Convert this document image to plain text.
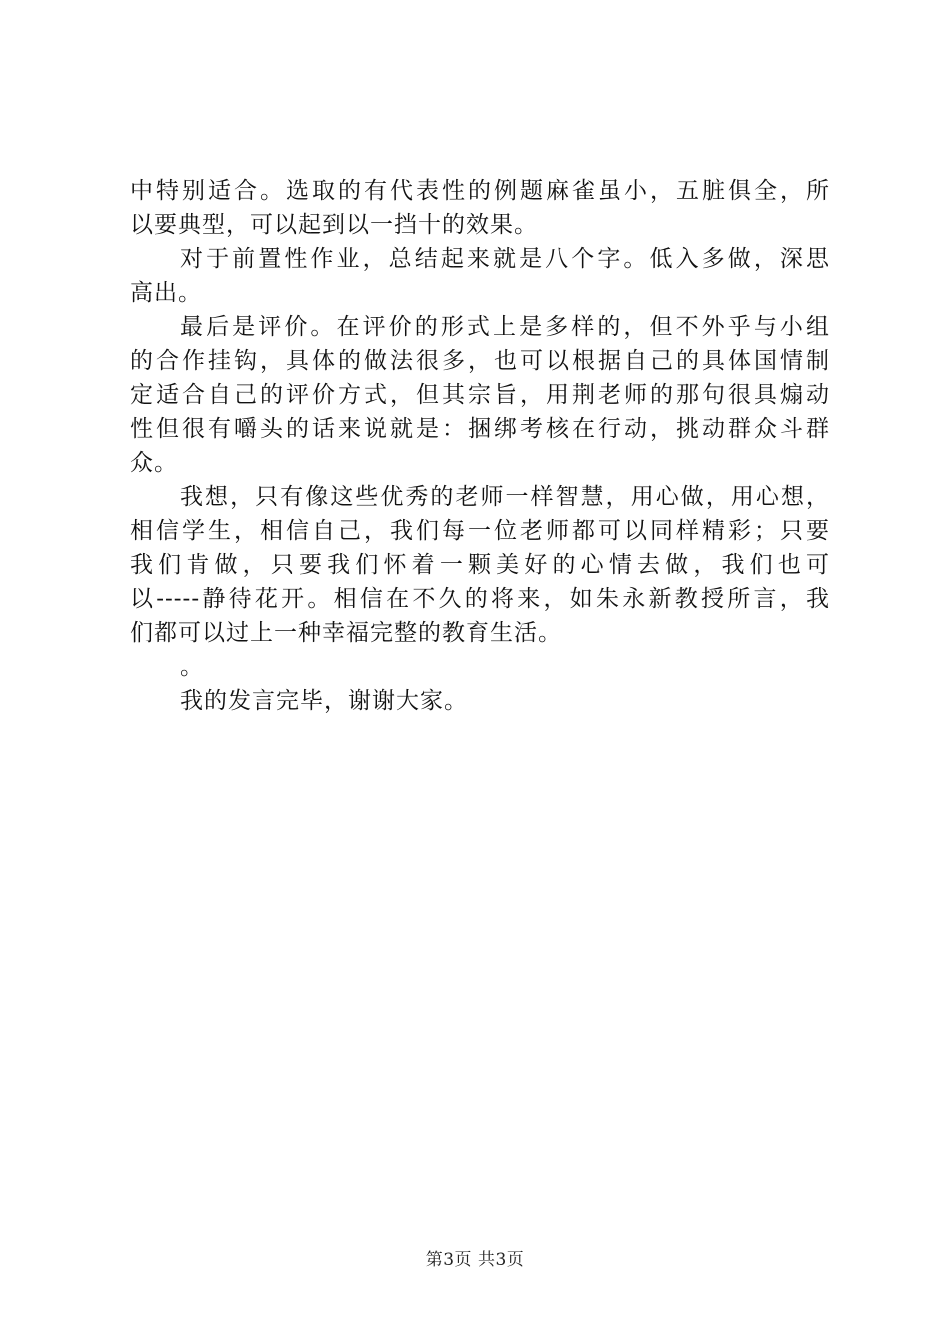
中特别适合。选取的有代表性的例题麻雀虽小，五脏俱全，所
以要典型，可以起到以一挡十的效果。
对于前置性作业，总结起来就是八个字。低入多做，深思
高出。
最后是评价。在评价的形式上是多样的，但不外乎与小组
的合作挂钩，具体的做法很多，也可以根据自己的具体国情制
定适合自己的评价方式，但其宗旨，用荆老师的那句很具煽动
性但很有嚼头的话来说就是：捆绑考核在行动，挑动群众斗群
众。
我想，只有像这些优秀的老师一样智慧，用心做，用心想，
相信学生，相信自己，我们每一位老师都可以同样精彩；只要
我们肯做，只要我们怀着一颗美好的心情去做，我们也可
以-----静待花开。相信在不久的将来，如朱永新教授所言，我
们都可以过上一种幸福完整的教育生活。
。
我的发言完毕，谢谢大家。
第3页 共3页
